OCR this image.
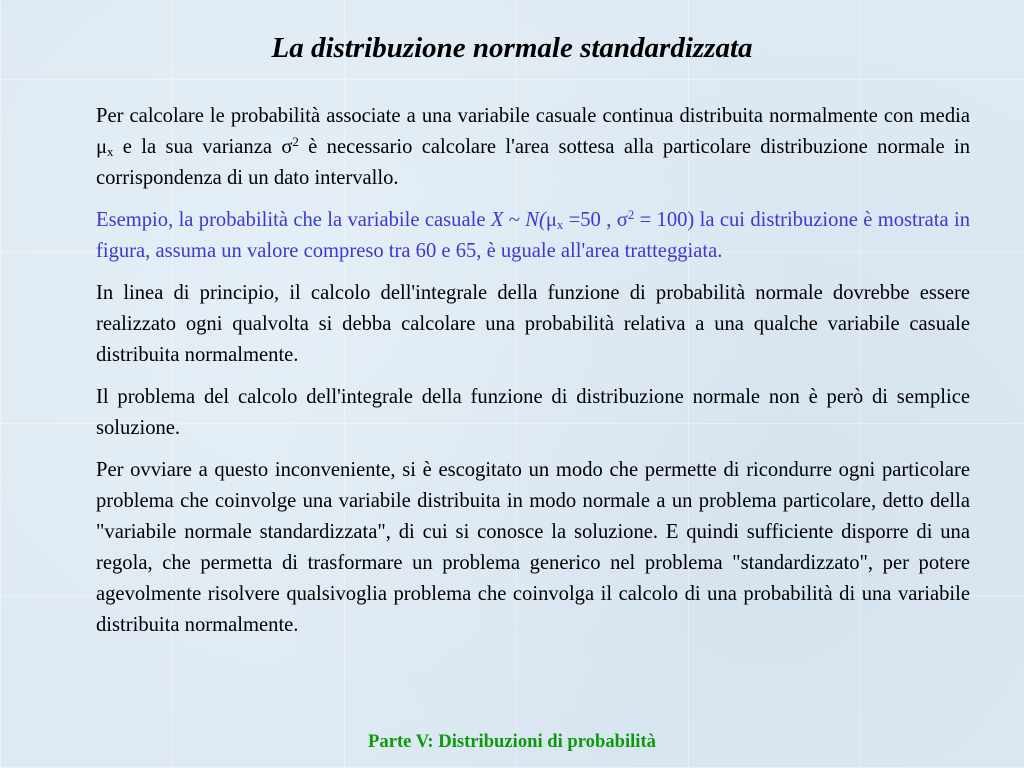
La distribuzione normale standardizzata

Per calcolare le probabilità associate a una variabile casuale continua distribuita normalmente con media $\mu_x$ e la sua varianza $\sigma^2$ è necessario calcolare l'area sottesa alla particolare distribuzione normale in corrispondenza di un dato intervallo.

Esempio, la probabilità che la variabile casuale X ~ $N(\mu_x =50$ , $\sigma^2 = 100$) la cui distribuzione è mostrata in figura, assuma un valore compreso tra 60 e 65, è uguale all'area tratteggiata.

In linea di principio, il calcolo dell'integrale della funzione di probabilità normale dovrebbe essere realizzato ogni qualvolta si debba calcolare una probabilità relativa a una qualche variabile casuale distribuita normalmente.

Il problema del calcolo dell'integrale della funzione di distribuzione normale non è però di semplice soluzione.

Per ovviare a questo inconveniente, si è escogitato un modo che permette di ricondurre ogni particolare problema che coinvolge una variabile distribuita in modo normale a un problema particolare, detto della "variabile normale standardizzata", di cui si conosce la soluzione. E quindi sufficiente disporre di una regola, che permetta di trasformare un problema generico nel problema "standardizzato", per potere agevolmente risolvere qualsivoglia problema che coinvolga il calcolo di una probabilità di una variabile distribuita normalmente.

Parte V: Distribuzioni di probabilità
